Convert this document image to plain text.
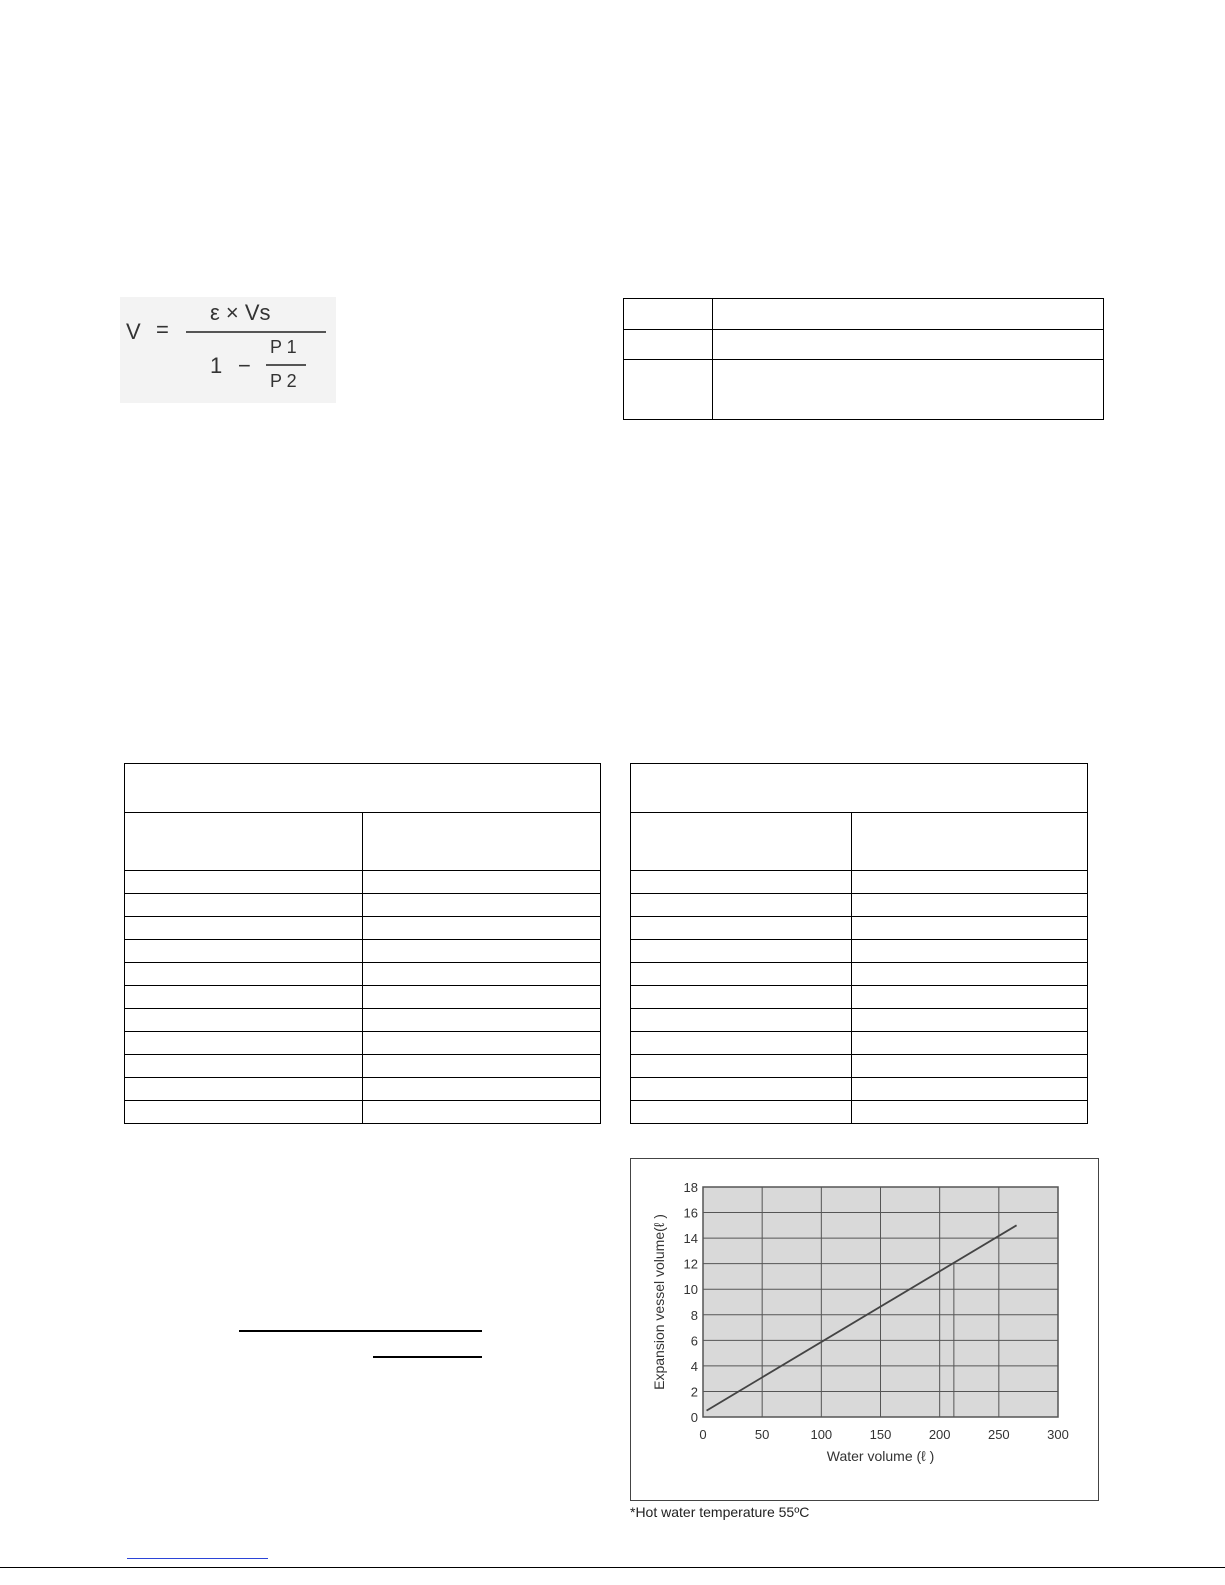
V =
ε × Vs
1 −
P 1
P 2
0	50	100	150	200	250	300
0
2
4
6
8
10
12
14
16
18
Water volume (ℓ )
Expansion vessel volume(ℓ )
*Hot water temperature 55ºC
